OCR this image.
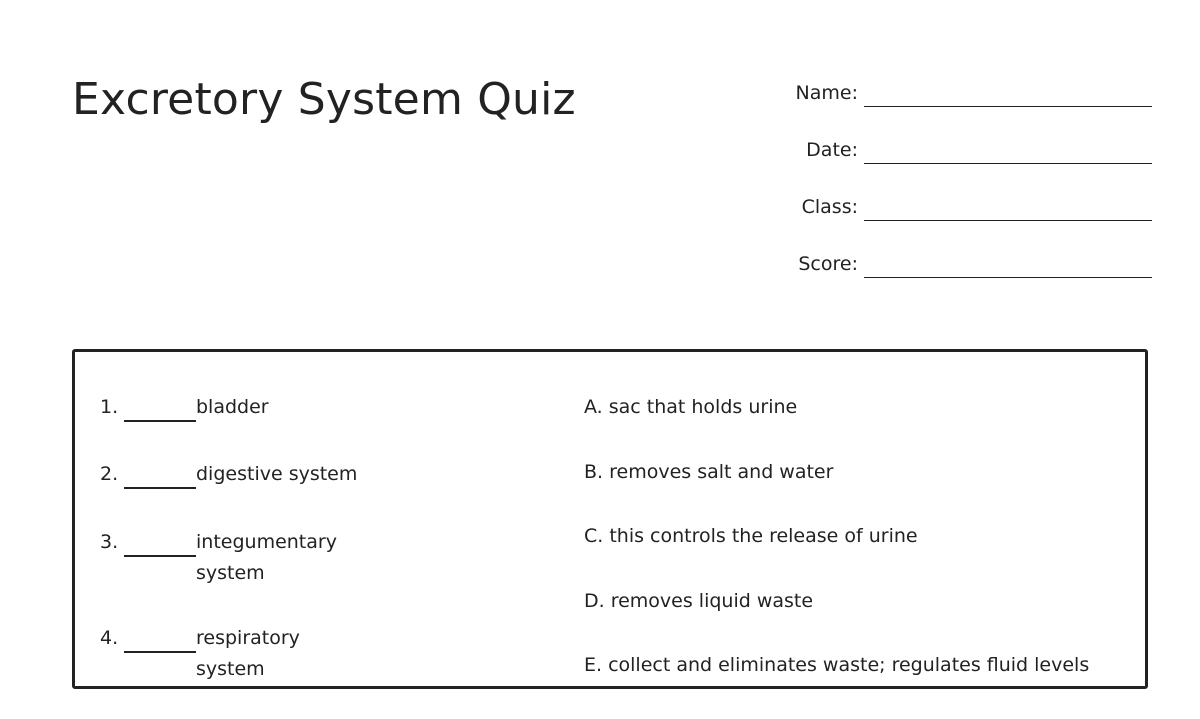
Excretory System Quiz	Name:
Date:
Class:
Score:
1.	bladder
2.	digestive system
3.	integumentary system
4.	respiratory system
A. sac that holds urine
B. removes salt and water
C. this controls the release of urine
D. removes liquid waste
E. collect and eliminates waste; regulates fluid levels
